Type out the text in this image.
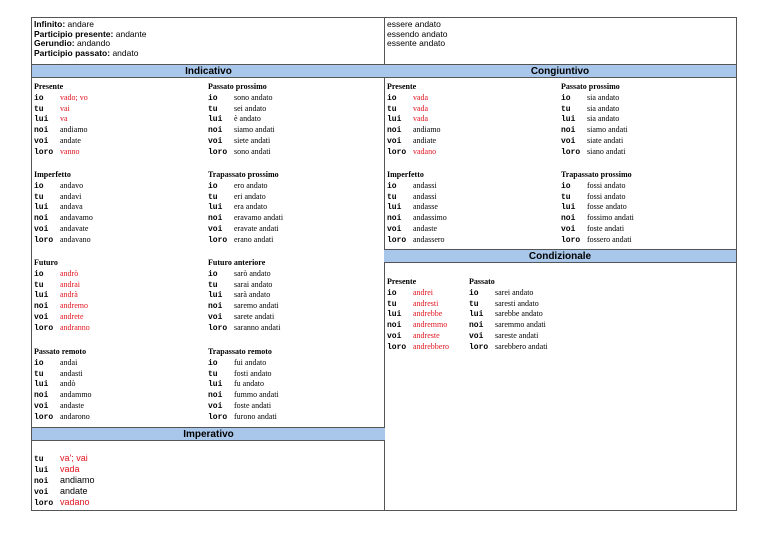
Infinito: andare
Participio presente: andante
Gerundio: andando
Participio passato: andato
essere andato
essendo andato
essente andato
Indicativo	Congiuntivo
Presente
io vado; vo
tu vai
lui va
noi andiamo
voi andate
loro vanno
Passato prossimo
io sono andato
tu sei andato
lui è andato
noi siamo andati
voi siete andati
loro sono andati
Imperfetto
io andavo
tu andavi
lui andava
noi andavamo
voi andavate
loro andavano
Trapassato prossimo
io ero andato
tu eri andato
lui era andato
noi eravamo andati
voi eravate andati
loro erano andati
Futuro
io andrò
tu andrai
lui andrà
noi andremo
voi andrete
loro andranno
Futuro anteriore
io sarò andato
tu sarai andato
lui sarà andato
noi saremo andati
voi sarete andati
loro saranno andati
Passato remoto
io andai
tu andasti
lui andò
noi andammo
voi andaste
loro andarono
Trapassato remoto
io fui andato
tu fosti andato
lui fu andato
noi fummo andati
voi foste andati
loro furono andati
Presente
io vada
tu vada
lui vada
noi andiamo
voi andiate
loro vadano
Passato prossimo
io sia andato
tu sia andato
lui sia andato
noi siamo andati
voi siate andati
loro siano andati
Imperfetto
io andassi
tu andassi
lui andasse
noi andassimo
voi andaste
loro andassero
Trapassato prossimo
io fossi andato
tu fossi andato
lui fosse andato
noi fossimo andati
voi foste andati
loro fossero andati
Condizionale
Presente
io andrei
tu andresti
lui andrebbe
noi andremmo
voi andreste
loro andrebbero
Passato
io sarei andato
tu saresti andato
lui sarebbe andato
noi saremmo andati
voi sareste andati
loro sarebbero andati
Imperativo
tu va'; vai
lui vada
noi andiamo
voi andate
loro vadano
